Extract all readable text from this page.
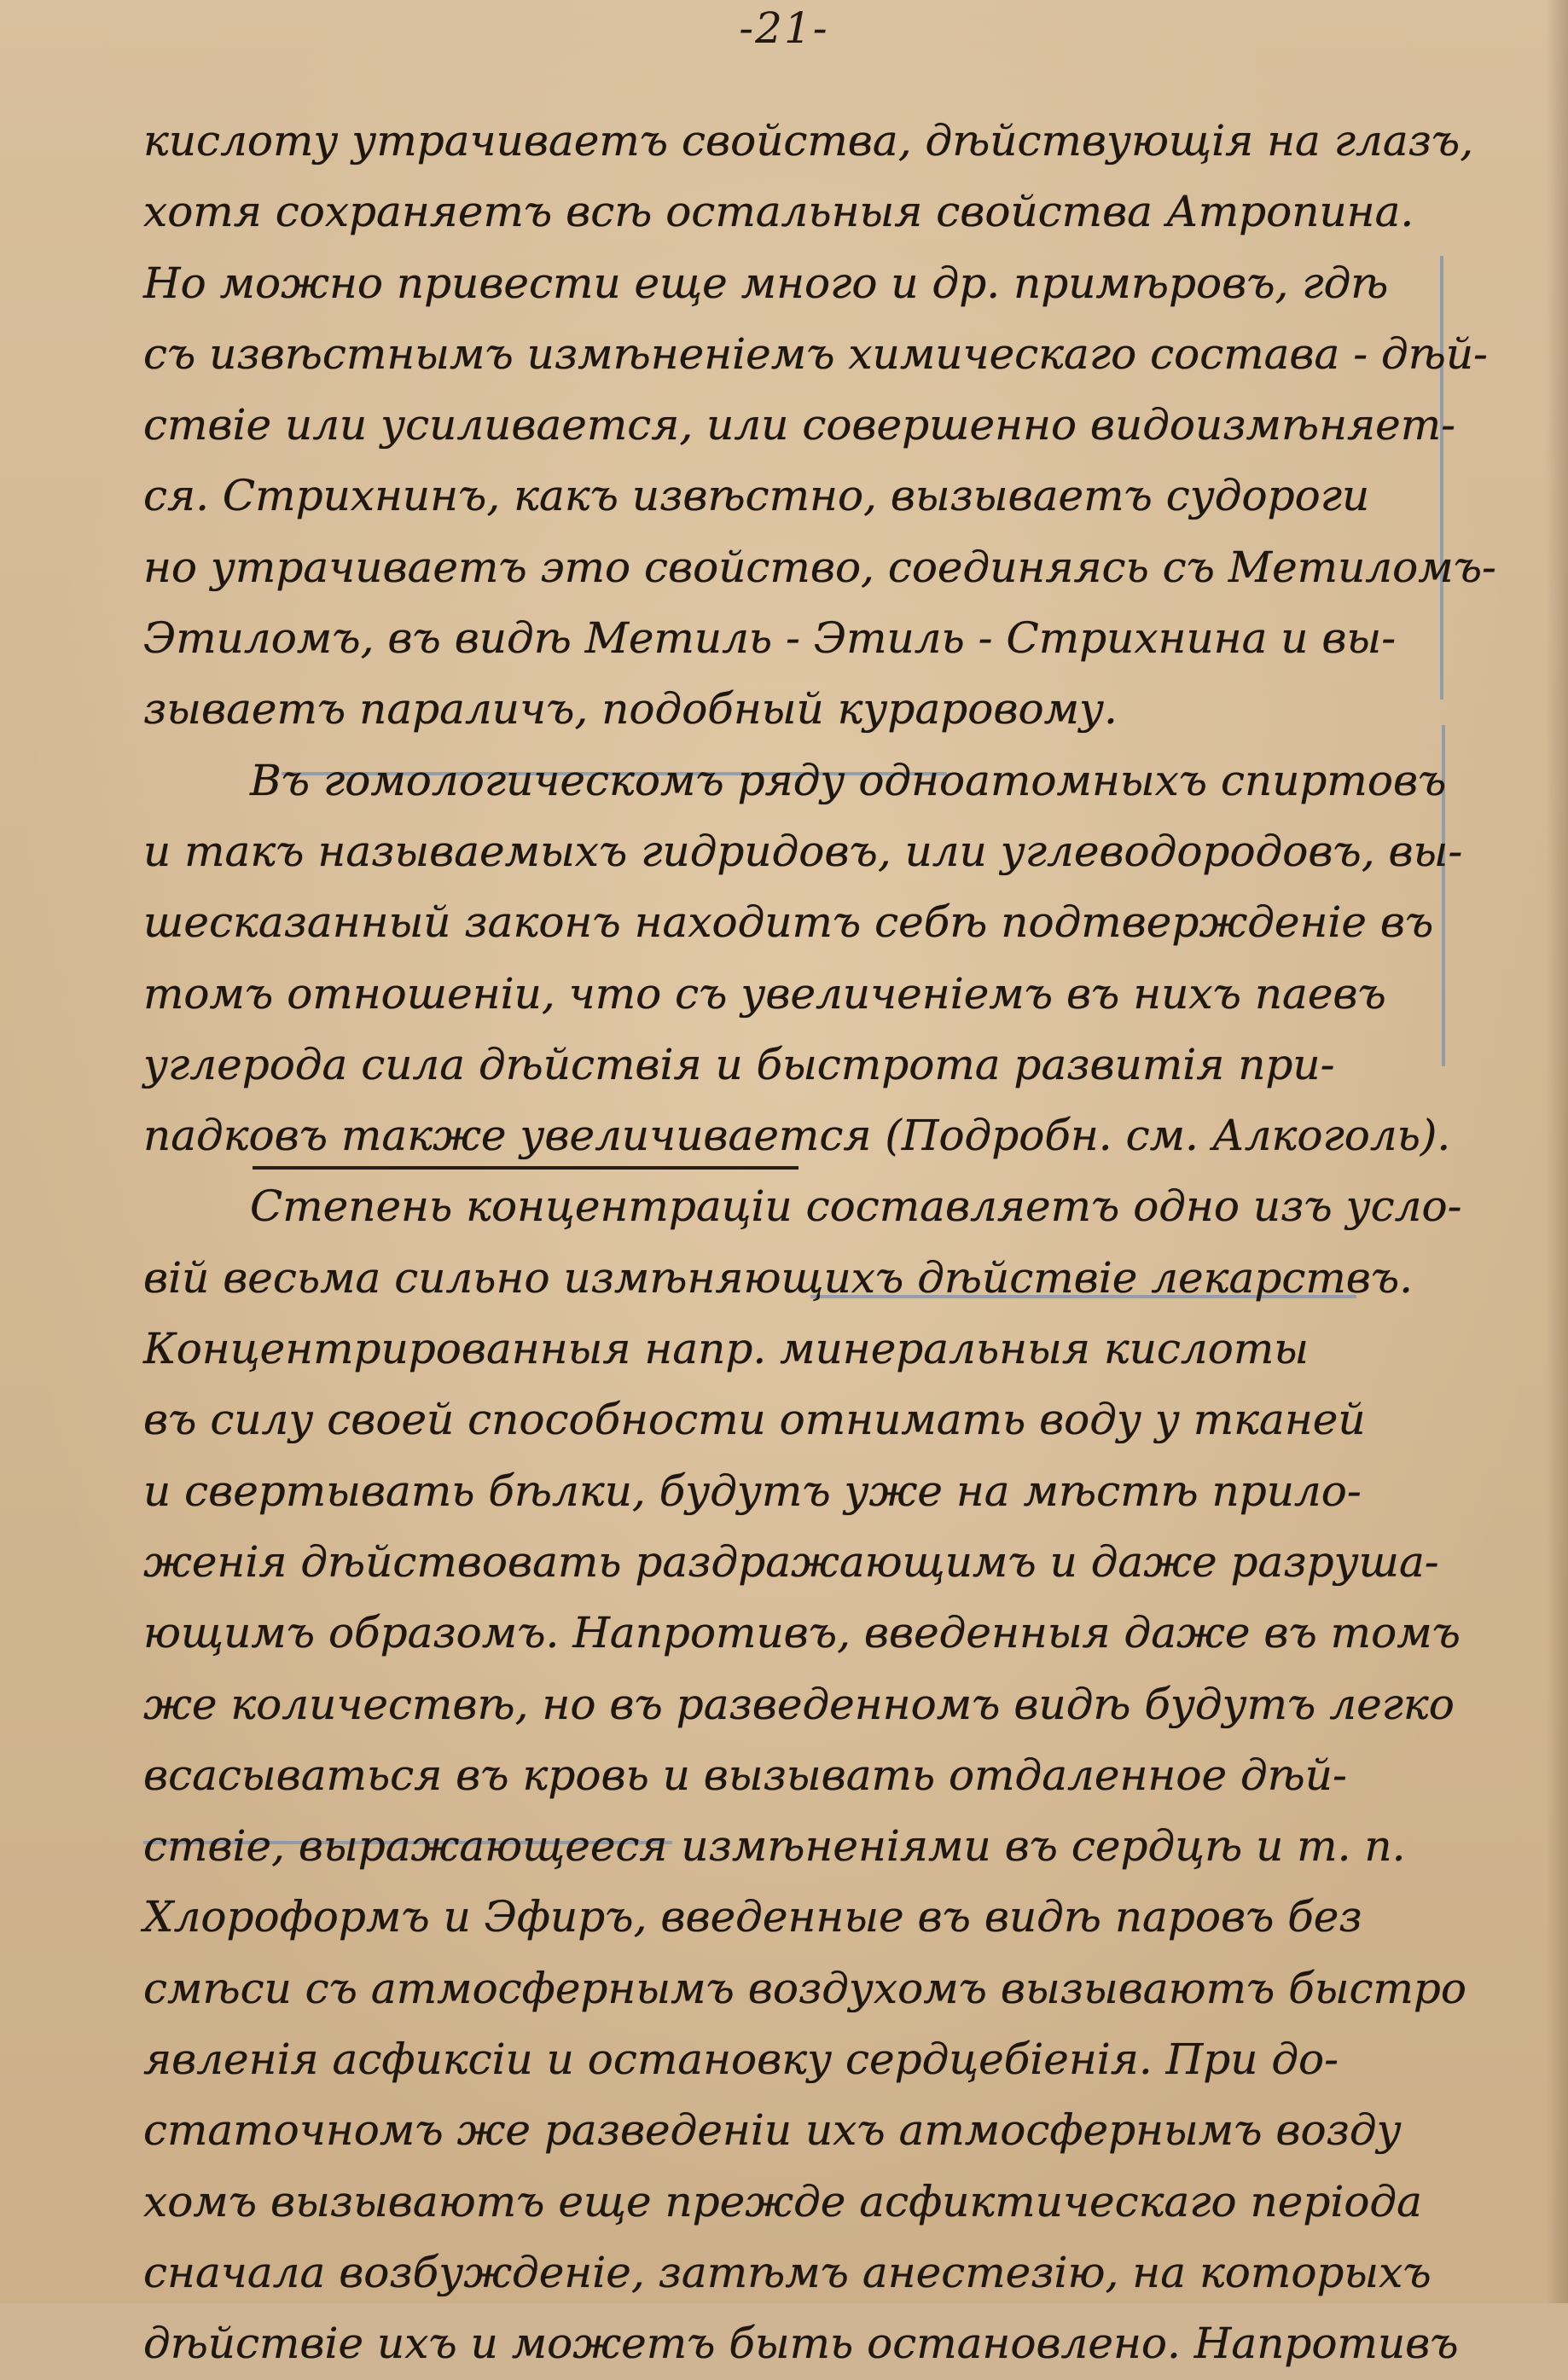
-21-
кислоту утрачиваетъ свойства, дѣйствующія на глазъ,
хотя сохраняетъ всѣ остальныя свойства Атропина.
Но можно привести еще много и др. примѣровъ, гдѣ
съ извѣстнымъ измѣненіемъ химическаго состава - дѣй-
ствіе или усиливается, или совершенно видоизмѣняет-
ся. Стрихнинъ, какъ извѣстно, вызываетъ судороги
но утрачиваетъ это свойство, соединяясь съ Метиломъ-
Этиломъ, въ видѣ Метиль - Этиль - Стрихнина и вы-
зываетъ параличъ, подобный кураровому.
Въ гомологическомъ ряду одноатомныхъ спиртовъ
и такъ называемыхъ гидридовъ, или углеводородовъ, вы-
шесказанный законъ находитъ себѣ подтвержденіе въ
томъ отношеніи, что съ увеличеніемъ въ нихъ паевъ
углерода сила дѣйствія и быстрота развитія при-
падковъ также увеличивается (Подробн. см. Алкоголь).
Степень концентраціи составляетъ одно изъ усло-
вій весьма сильно измѣняющихъ дѣйствіе лекарствъ.
Концентрированныя напр. минеральныя кислоты
въ силу своей способности отнимать воду у тканей
и свертывать бѣлки, будутъ уже на мѣстѣ прило-
женія дѣйствовать раздражающимъ и даже разруша-
ющимъ образомъ. Напротивъ, введенныя даже въ томъ
же количествѣ, но въ разведенномъ видѣ будутъ легко
всасываться въ кровь и вызывать отдаленное дѣй-
ствіе, выражающееся измѣненіями въ сердцѣ и т. п.
Хлороформъ и Эфиръ, введенные въ видѣ паровъ без
смѣси съ атмосфернымъ воздухомъ вызываютъ быстро
явленія асфиксіи и остановку сердцебіенія. При до-
статочномъ же разведеніи ихъ атмосфернымъ возду
хомъ вызываютъ еще прежде асфиктическаго періода
сначала возбужденіе, затѣмъ анестезію, на которыхъ
дѣйствіе ихъ и можетъ быть остановлено. Напротивъ
